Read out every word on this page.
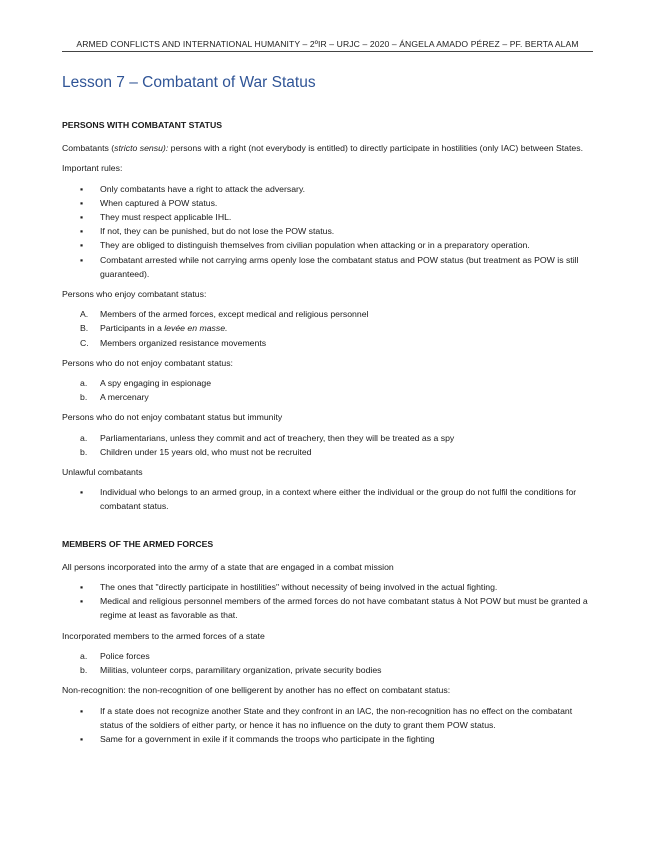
ARMED CONFLICTS AND INTERNATIONAL HUMANITY – 2ºIR – URJC – 2020 – ÁNGELA AMADO PÉREZ – PF. BERTA ALAM
Lesson 7 – Combatant of War Status
PERSONS WITH COMBATANT STATUS
Combatants (stricto sensu): persons with a right (not everybody is entitled) to directly participate in hostilities (only IAC) between States.
Important rules:
▪ Only combatants have a right to attack the adversary.
▪ When captured à POW status.
▪ They must respect applicable IHL.
▪ If not, they can be punished, but do not lose the POW status.
▪ They are obliged to distinguish themselves from civilian population when attacking or in a preparatory operation.
▪ Combatant arrested while not carrying arms openly lose the combatant status and POW status (but treatment as POW is still guaranteed).
Persons who enjoy combatant status:
A. Members of the armed forces, except medical and religious personnel
B. Participants in a levée en masse.
C. Members organized resistance movements
Persons who do not enjoy combatant status:
a. A spy engaging in espionage
b. A mercenary
Persons who do not enjoy combatant status but immunity
a. Parliamentarians, unless they commit and act of treachery, then they will be treated as a spy
b. Children under 15 years old, who must not be recruited
Unlawful combatants
▪ Individual who belongs to an armed group, in a context where either the individual or the group do not fulfil the conditions for combatant status.
MEMBERS OF THE ARMED FORCES
All persons incorporated into the army of a state that are engaged in a combat mission
▪ The ones that "directly participate in hostilities" without necessity of being involved in the actual fighting.
▪ Medical and religious personnel members of the armed forces do not have combatant status à Not POW but must be granted a regime at least as favorable as that.
Incorporated members to the armed forces of a state
a. Police forces
b. Militias, volunteer corps, paramilitary organization, private security bodies
Non-recognition: the non-recognition of one belligerent by another has no effect on combatant status:
▪ If a state does not recognize another State and they confront in an IAC, the non-recognition has no effect on the combatant status of the soldiers of either party, or hence it has no influence on the duty to grant them POW status.
▪ Same for a government in exile if it commands the troops who participate in the fighting
